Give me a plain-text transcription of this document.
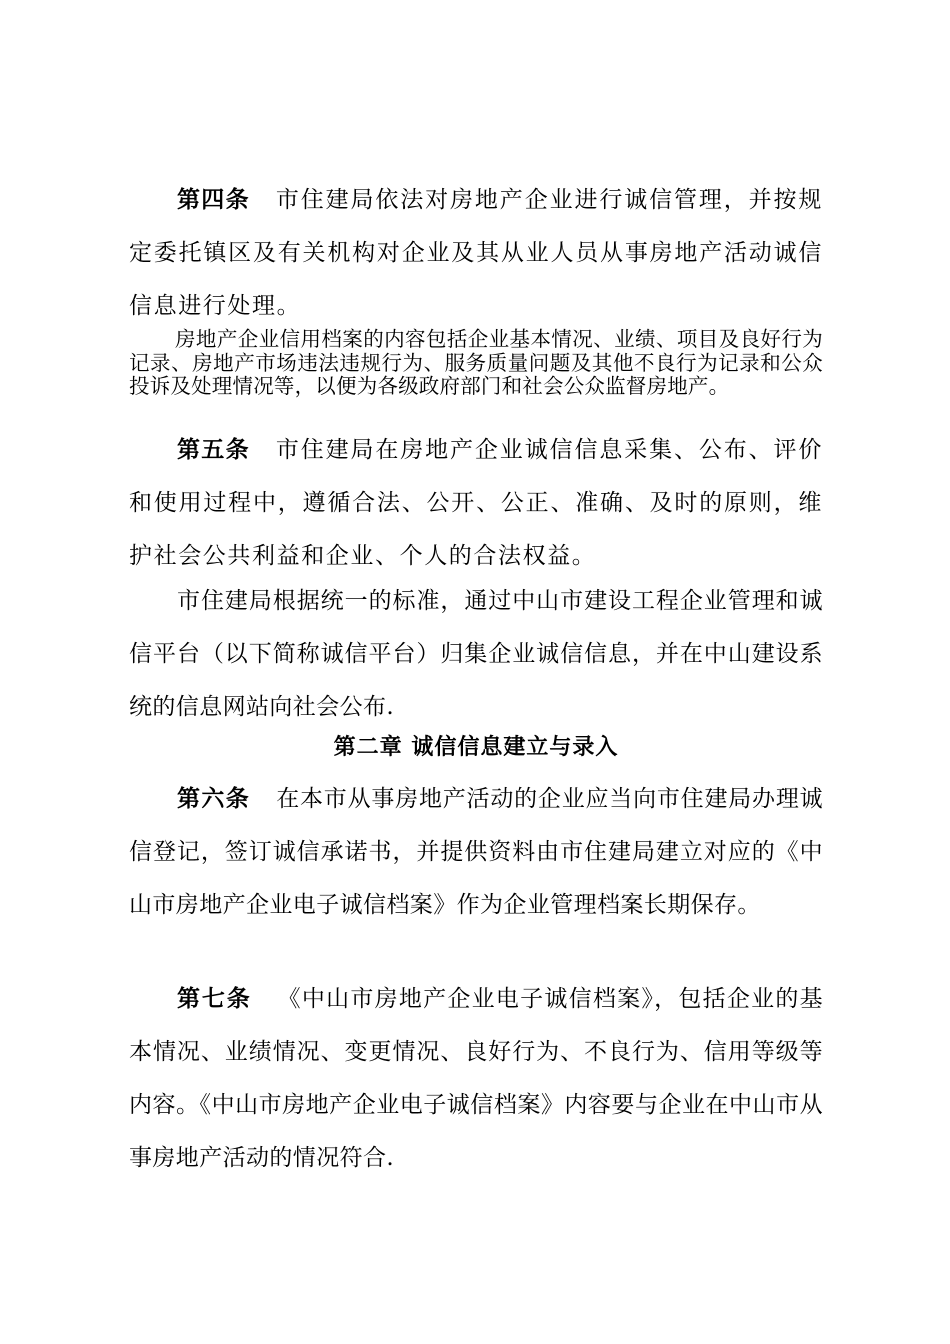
第四条 市住建局依法对房地产企业进行诚信管理，并按规定委托镇区及有关机构对企业及其从业人员从事房地产活动诚信信息进行处理。

房地产企业信用档案的内容包括企业基本情况、业绩、项目及良好行为记录、房地产市场违法违规行为、服务质量问题及其他不良行为记录和公众投诉及处理情况等，以便为各级政府部门和社会公众监督房地产。

第五条 市住建局在房地产企业诚信信息采集、公布、评价和使用过程中，遵循合法、公开、公正、准确、及时的原则，维护社会公共利益和企业、个人的合法权益。

市住建局根据统一的标准，通过中山市建设工程企业管理和诚信平台（以下简称诚信平台）归集企业诚信信息，并在中山建设系统的信息网站向社会公布.

第二章 诚信信息建立与录入

第六条 在本市从事房地产活动的企业应当向市住建局办理诚信登记，签订诚信承诺书，并提供资料由市住建局建立对应的《中山市房地产企业电子诚信档案》作为企业管理档案长期保存。

第七条 《中山市房地产企业电子诚信档案》，包括企业的基本情况、业绩情况、变更情况、良好行为、不良行为、信用等级等内容。《中山市房地产企业电子诚信档案》内容要与企业在中山市从事房地产活动的情况符合.
